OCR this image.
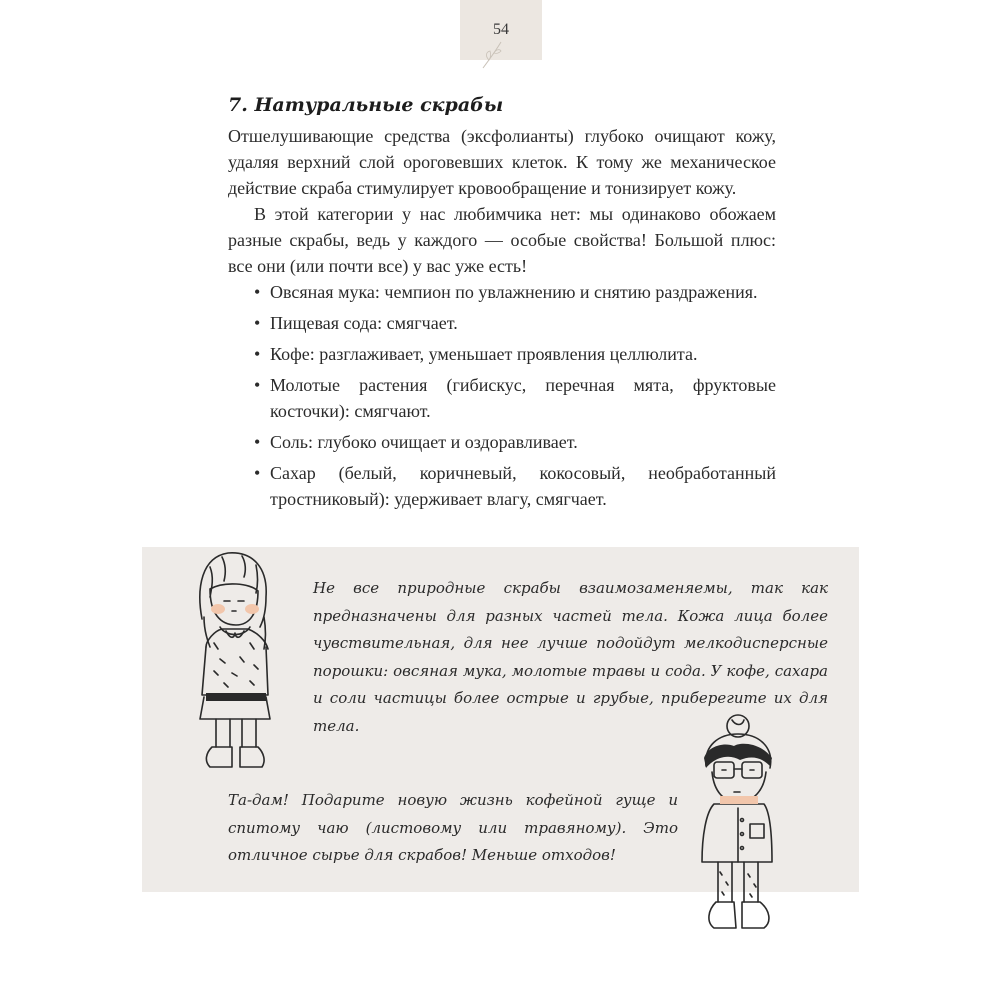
54
7. Натуральные скрабы

Отшелушивающие средства (эксфолианты) глубоко очищают кожу, удаляя верхний слой ороговевших клеток. К тому же механическое действие скраба стимулирует кровообращение и тонизирует кожу.

В этой категории у нас любимчика нет: мы одинаково обожаем разные скрабы, ведь у каждого — особые свойства! Большой плюс: все они (или почти все) у вас уже есть!

• Овсяная мука: чемпион по увлажнению и снятию раздражения.
• Пищевая сода: смягчает.
• Кофе: разглаживает, уменьшает проявления целлюлита.
• Молотые растения (гибискус, перечная мята, фруктовые косточки): смягчают.
• Соль: глубоко очищает и оздоравливает.
• Сахар (белый, коричневый, кокосовый, необработанный тростниковый): удерживает влагу, смягчает.

Не все природные скрабы взаимозаменяемы, так как предназначены для разных частей тела. Кожа лица более чувствительная, для нее лучше подойдут мелкодисперсные порошки: овсяная мука, молотые травы и сода. У кофе, сахара и соли частицы более острые и грубые, приберегите их для тела.

Та-дам! Подарите новую жизнь кофейной гуще и спитому чаю (листовому или травяному). Это отличное сырье для скрабов! Меньше отходов!
